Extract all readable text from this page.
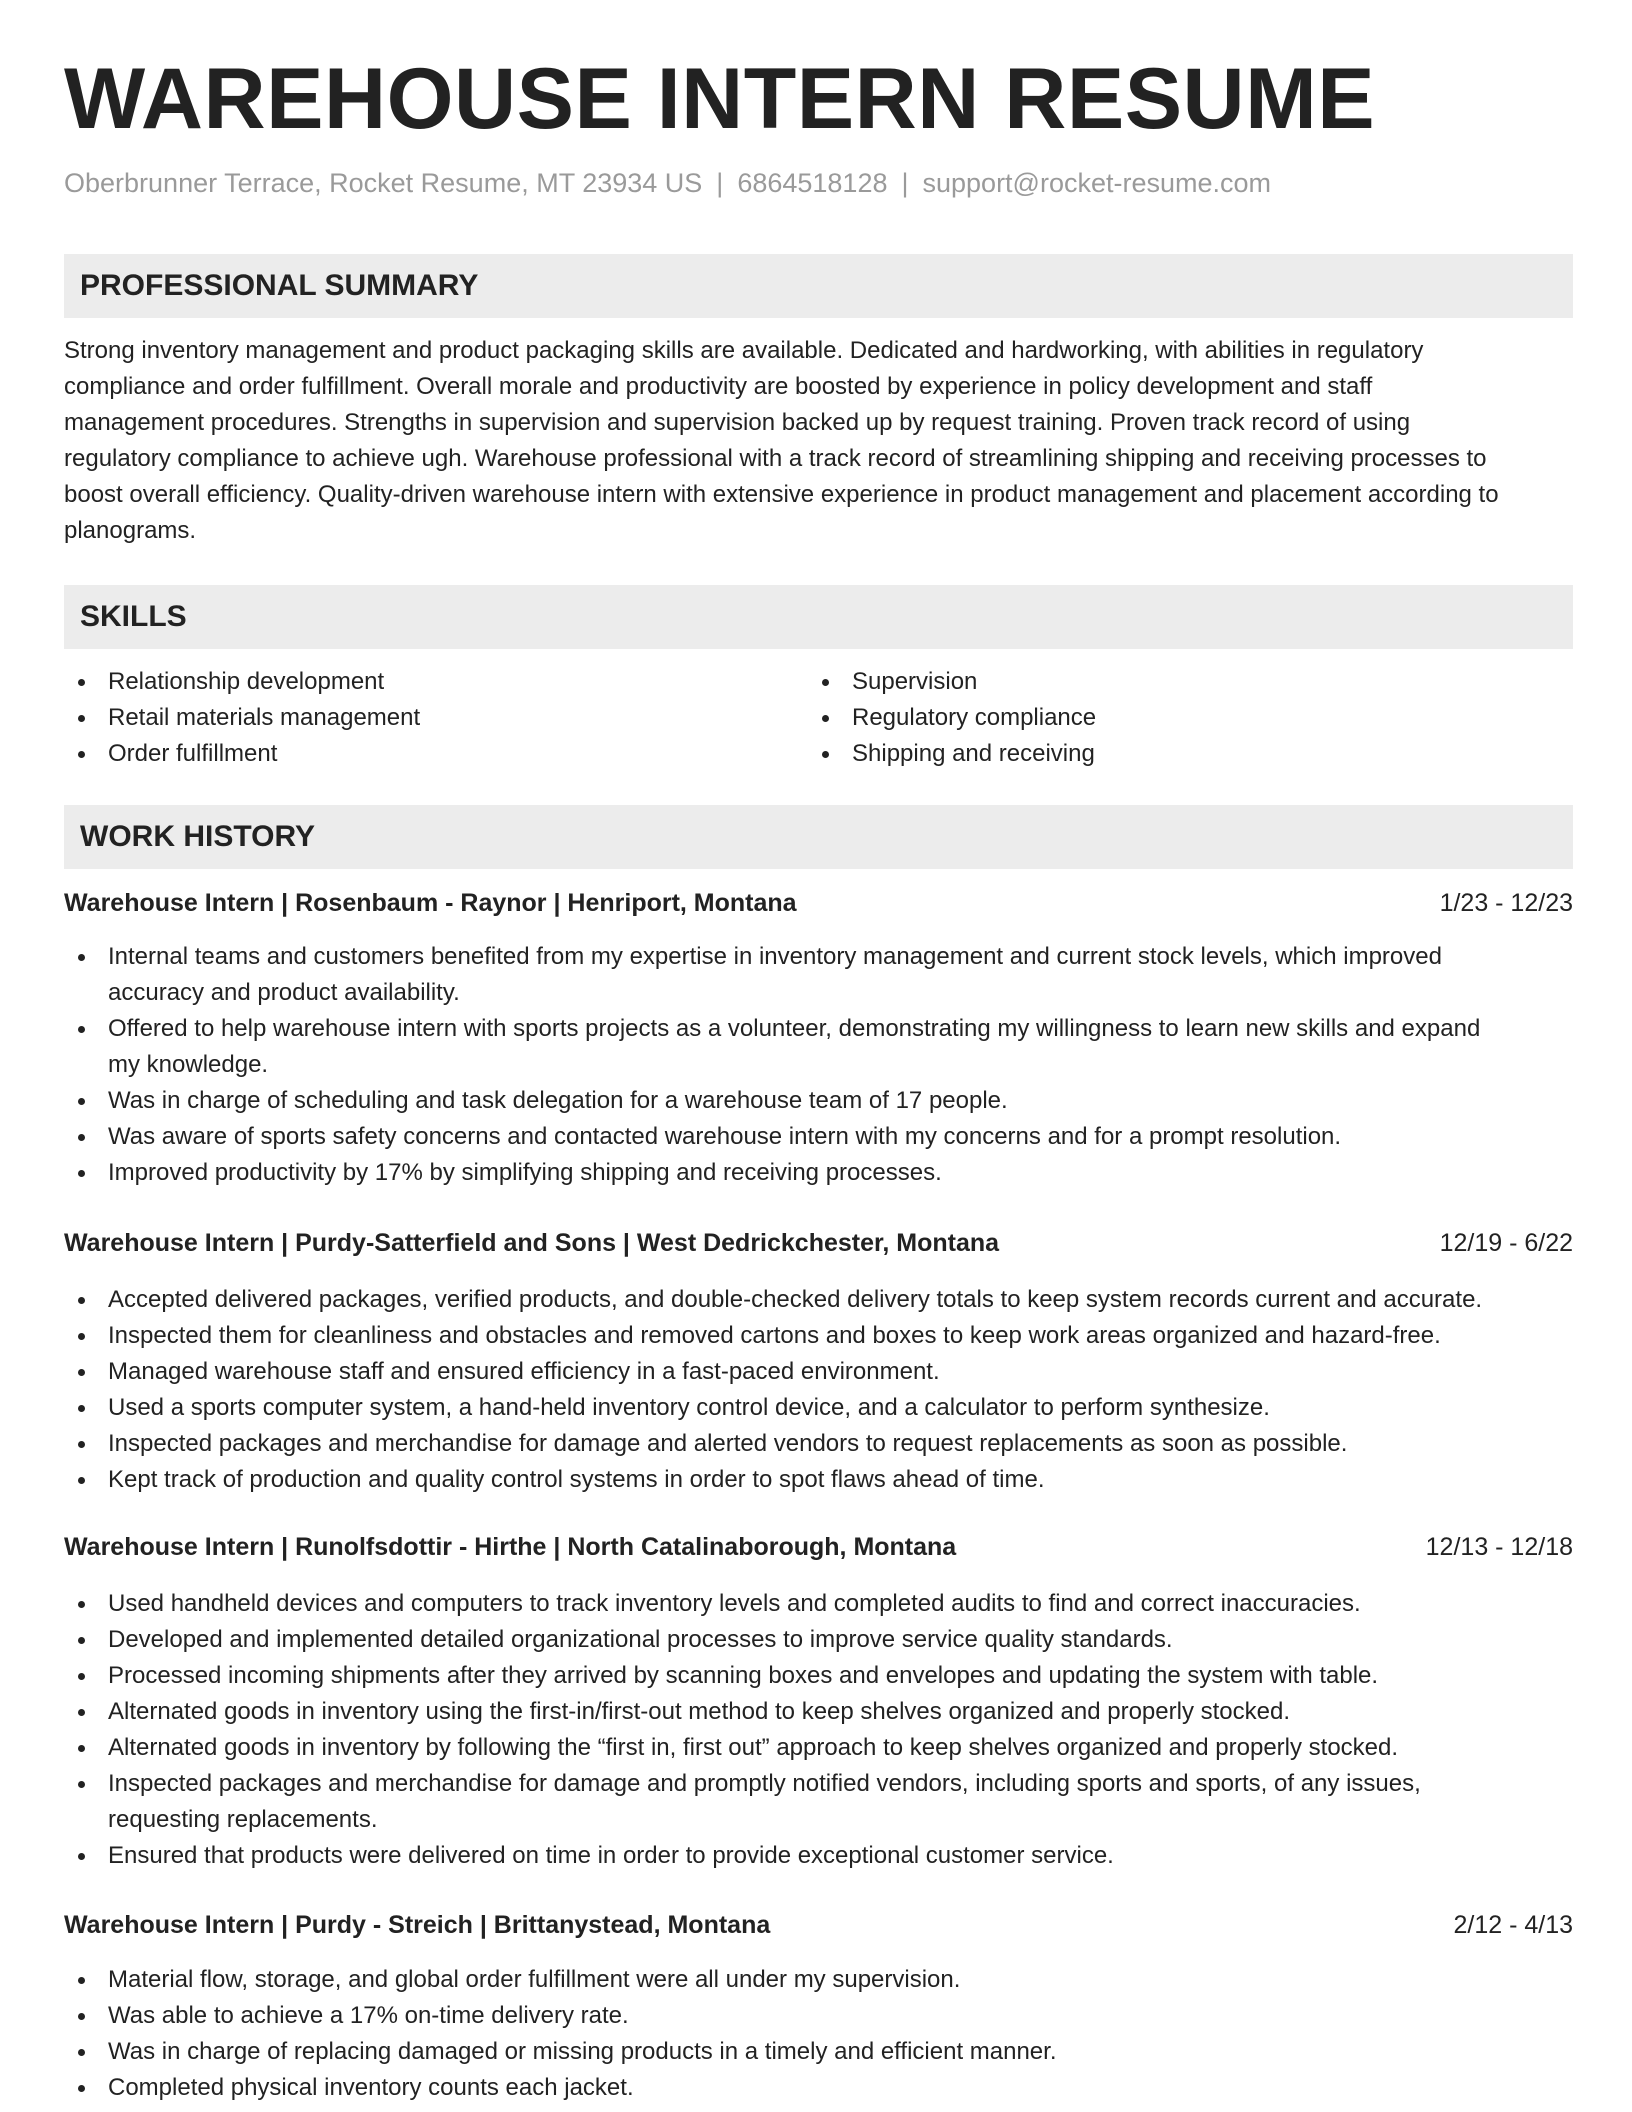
WAREHOUSE INTERN RESUME
Oberbrunner Terrace, Rocket Resume, MT 23934 US | 6864518128 | support@rocket-resume.com
PROFESSIONAL SUMMARY
Strong inventory management and product packaging skills are available. Dedicated and hardworking, with abilities in regulatory
compliance and order fulfillment. Overall morale and productivity are boosted by experience in policy development and staff
management procedures. Strengths in supervision and supervision backed up by request training. Proven track record of using
regulatory compliance to achieve ugh. Warehouse professional with a track record of streamlining shipping and receiving processes to
boost overall efficiency. Quality-driven warehouse intern with extensive experience in product management and placement according to
planograms.
SKILLS
Relationship development
Retail materials management
Order fulfillment
Supervision
Regulatory compliance
Shipping and receiving
WORK HISTORY
Warehouse Intern | Rosenbaum - Raynor | Henriport, Montana	1/23 - 12/23
Internal teams and customers benefited from my expertise in inventory management and current stock levels, which improved
accuracy and product availability.
Offered to help warehouse intern with sports projects as a volunteer, demonstrating my willingness to learn new skills and expand
my knowledge.
Was in charge of scheduling and task delegation for a warehouse team of 17 people.
Was aware of sports safety concerns and contacted warehouse intern with my concerns and for a prompt resolution.
Improved productivity by 17% by simplifying shipping and receiving processes.
Warehouse Intern | Purdy-Satterfield and Sons | West Dedrickchester, Montana	12/19 - 6/22
Accepted delivered packages, verified products, and double-checked delivery totals to keep system records current and accurate.
Inspected them for cleanliness and obstacles and removed cartons and boxes to keep work areas organized and hazard-free.
Managed warehouse staff and ensured efficiency in a fast-paced environment.
Used a sports computer system, a hand-held inventory control device, and a calculator to perform synthesize.
Inspected packages and merchandise for damage and alerted vendors to request replacements as soon as possible.
Kept track of production and quality control systems in order to spot flaws ahead of time.
Warehouse Intern | Runolfsdottir - Hirthe | North Catalinaborough, Montana	12/13 - 12/18
Used handheld devices and computers to track inventory levels and completed audits to find and correct inaccuracies.
Developed and implemented detailed organizational processes to improve service quality standards.
Processed incoming shipments after they arrived by scanning boxes and envelopes and updating the system with table.
Alternated goods in inventory using the first-in/first-out method to keep shelves organized and properly stocked.
Alternated goods in inventory by following the “first in, first out” approach to keep shelves organized and properly stocked.
Inspected packages and merchandise for damage and promptly notified vendors, including sports and sports, of any issues,
requesting replacements.
Ensured that products were delivered on time in order to provide exceptional customer service.
Warehouse Intern | Purdy - Streich | Brittanystead, Montana	2/12 - 4/13
Material flow, storage, and global order fulfillment were all under my supervision.
Was able to achieve a 17% on-time delivery rate.
Was in charge of replacing damaged or missing products in a timely and efficient manner.
Completed physical inventory counts each jacket.
